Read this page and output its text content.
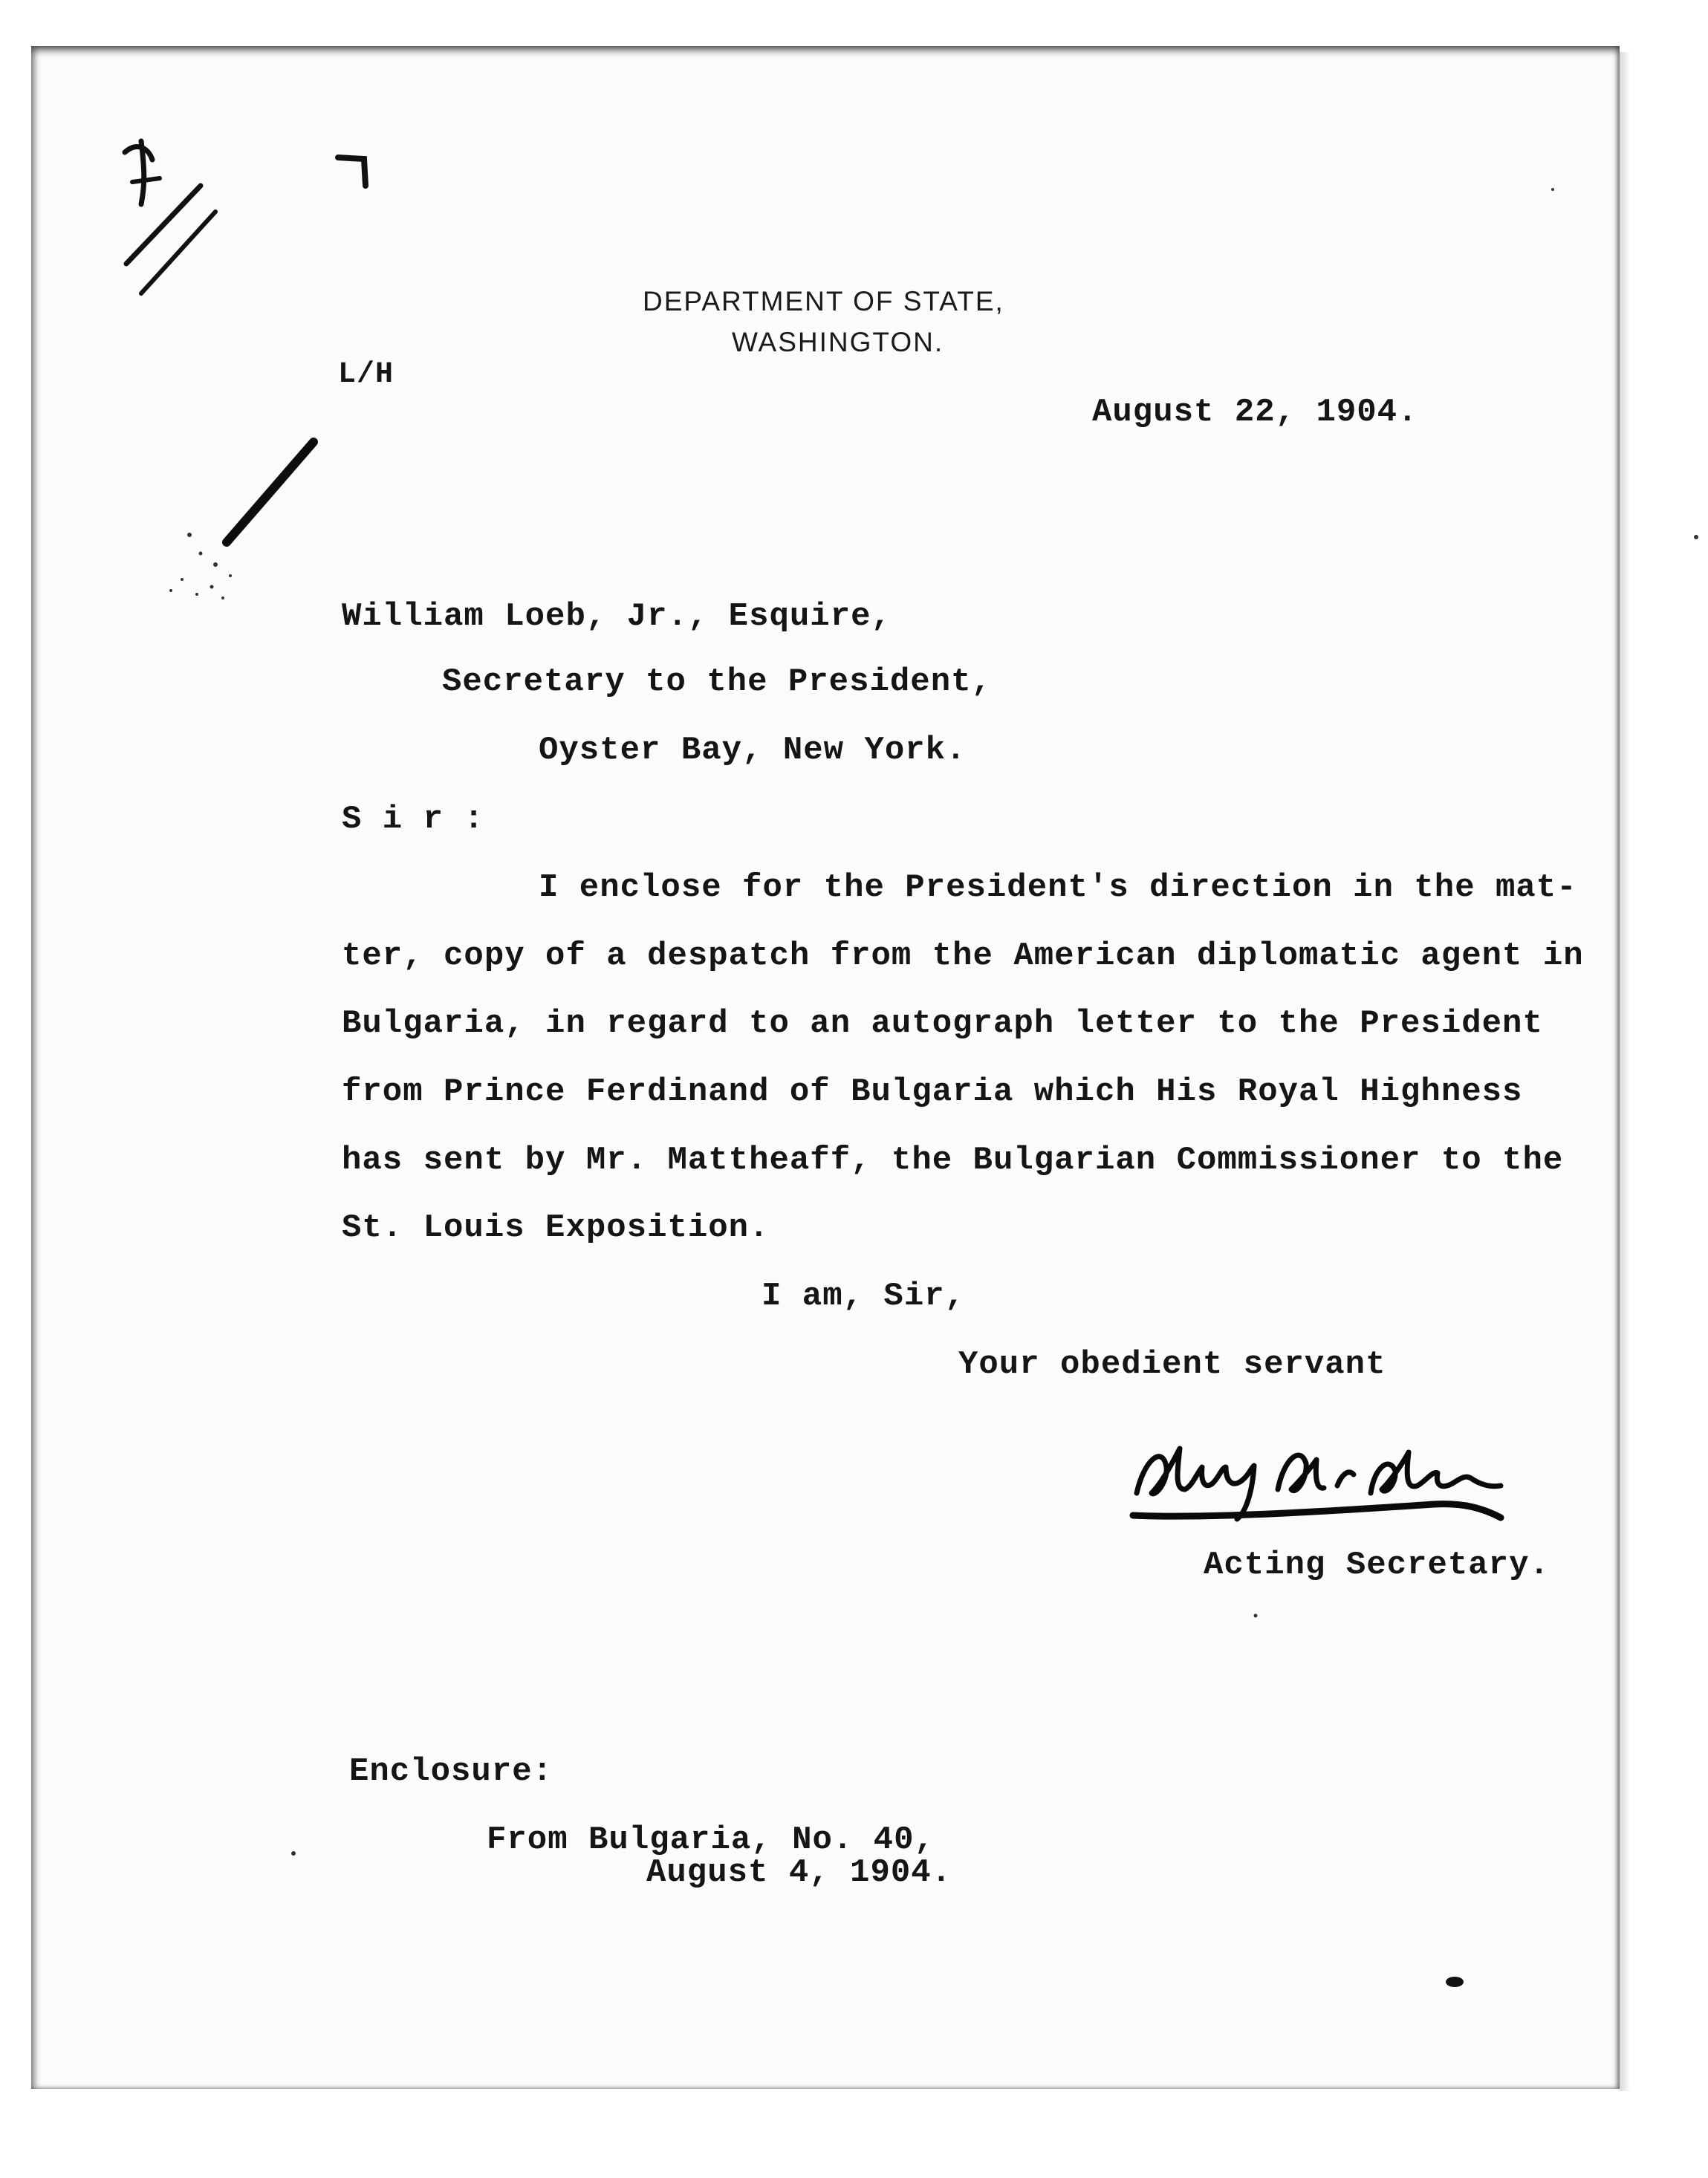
DEPARTMENT OF STATE,
WASHINGTON.
L/H
August 22, 1904.
William Loeb, Jr., Esquire,
Secretary to the President,
Oyster Bay, New York.
S i r :
I enclose for the President's direction in the mat-
ter, copy of a despatch from the American diplomatic agent in
Bulgaria, in regard to an autograph letter to the President
from Prince Ferdinand of Bulgaria which His Royal Highness
has sent by Mr. Mattheaff, the Bulgarian Commissioner to the
St. Louis Exposition.
I am, Sir,
Your obedient servant
Acting Secretary.
Enclosure:
From Bulgaria, No. 40,
August 4, 1904.
